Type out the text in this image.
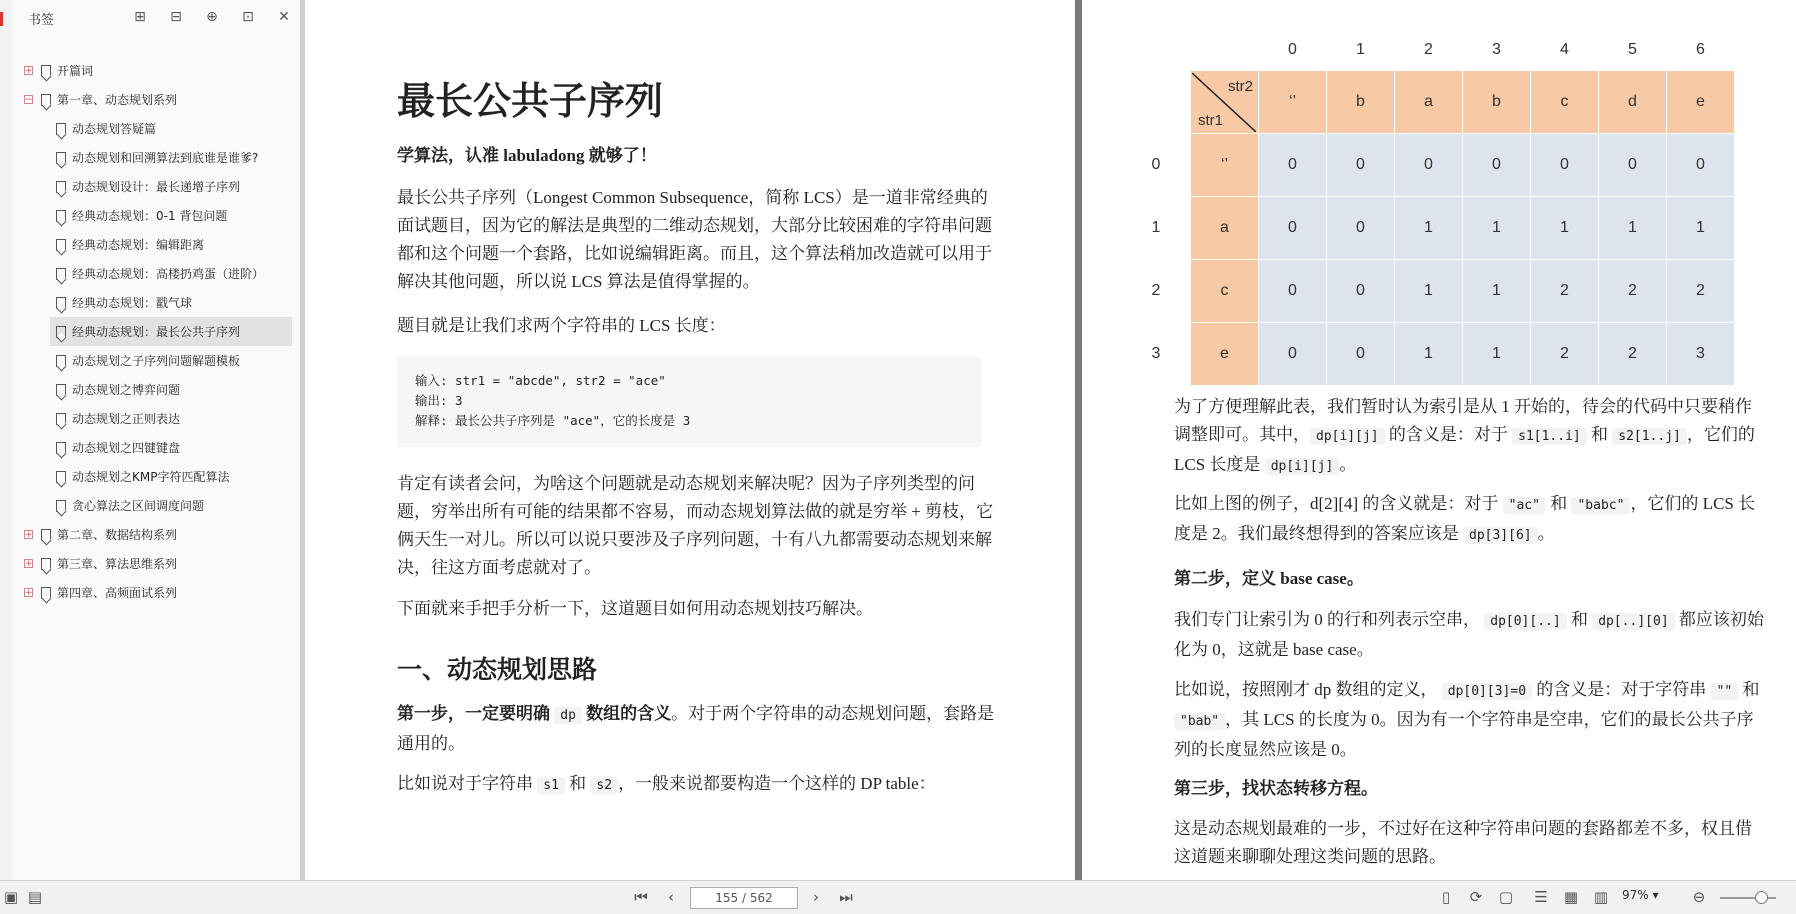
书签	⊞ ⊟ ⊕ ⊡ ✕
+ 开篇词
− 第一章、动态规划系列
动态规划答疑篇
动态规划和回溯算法到底谁是谁爹?
动态规划设计：最长递增子序列
经典动态规划：0-1 背包问题
经典动态规划：编辑距离
经典动态规划：高楼扔鸡蛋（进阶）
经典动态规划：戳气球
经典动态规划：最长公共子序列
动态规划之子序列问题解题模板
动态规划之博弈问题
动态规划之正则表达
动态规划之四键键盘
动态规划之KMP字符匹配算法
贪心算法之区间调度问题
+ 第二章、数据结构系列
+ 第三章、算法思维系列
+ 第四章、高频面试系列
最长公共子序列
学算法，认准 labuladong 就够了！
最长公共子序列（Longest Common Subsequence，简称 LCS）是一道非常经典的面试题目，因为它的解法是典型的二维动态规划，大部分比较困难的字符串问题都和这个问题一个套路，比如说编辑距离。而且，这个算法稍加改造就可以用于解决其他问题，所以说 LCS 算法是值得掌握的。
题目就是让我们求两个字符串的 LCS 长度：
输入: str1 = "abcde", str2 = "ace"
输出: 3
解释: 最长公共子序列是 "ace"，它的长度是 3
肯定有读者会问，为啥这个问题就是动态规划来解决呢？因为子序列类型的问题，穷举出所有可能的结果都不容易，而动态规划算法做的就是穷举 + 剪枝，它俩天生一对儿。所以可以说只要涉及子序列问题，十有八九都需要动态规划来解决，往这方面考虑就对了。
下面就来手把手分析一下，这道题目如何用动态规划技巧解决。
一、动态规划思路
第一步，一定要明确 dp 数组的含义。对于两个字符串的动态规划问题，套路是通用的。
比如说对于字符串 s1 和 s2 ，一般来说都要构造一个这样的 DP table：
		0	1	2	3	4	5	6

	str2
str1	‘’	b	a	b	c	d	e
0	‘’	0	0	0	0	0	0	0
1	a	0	0	1	1	1	1	1
2	c	0	0	1	1	2	2	2
3	e	0	0	1	1	2	2	3
为了方便理解此表，我们暂时认为索引是从 1 开始的，待会的代码中只要稍作调整即可。其中， dp[i][j] 的含义是：对于 s1[1..i] 和 s2[1..j] ，它们的 LCS 长度是 dp[i][j] 。
比如上图的例子，d[2][4] 的含义就是：对于 "ac" 和 "babc" ，它们的 LCS 长度是 2。我们最终想得到的答案应该是 dp[3][6] 。
第二步，定义 base case。
我们专门让索引为 0 的行和列表示空串， dp[0][..] 和 dp[..][0] 都应该初始化为 0，这就是 base case。
比如说，按照刚才 dp 数组的定义， dp[0][3]=0 的含义是：对于字符串 "" 和 "bab" ，其 LCS 的长度为 0。因为有一个字符串是空串，它们的最长公共子序列的长度显然应该是 0。
第三步，找状态转移方程。
这是动态规划最难的一步，不过好在这种字符串问题的套路都差不多，权且借这道题来聊聊处理这类问题的思路。
▣ ▤	⏮	‹	155 / 562	›	⏭	▯	⟳	▢ ☰ ▦ ▥	97% ▾	⊖
